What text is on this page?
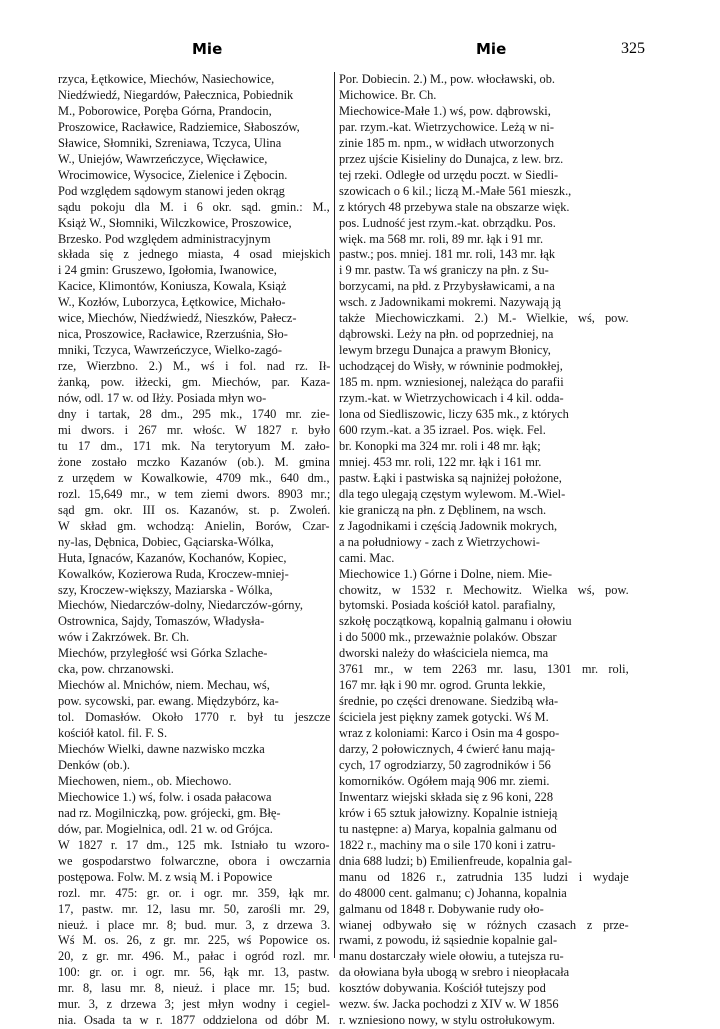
Mie	Mie	325
rzyca, Łętkowice, Miechów, Nasiechowice,
Niedźwiedź, Niegardów, Pałecznica, Pobiednik
M., Poborowice, Poręba Górna, Prandocin,
Proszowice, Racławice, Radziemice, Słaboszów,
Sławice, Słomniki, Szreniawa, Tczyca, Ulina
W., Uniejów, Wawrzeńczyce, Więcławice,
Wrocimowice, Wysocice, Zielenice i Zębocin.
Pod względem sądowym stanowi jeden okrąg
sądu pokoju dla M. i 6 okr. sąd. gmin.: M.,
Książ W., Słomniki, Wilczkowice, Proszowice,
Brzesko. Pod względem administracyjnym
składa się z jednego miasta, 4 osad miejskich
i 24 gmin: Gruszewo, Igołomia, Iwanowice,
Kacice, Klimontów, Koniusza, Kowala, Książ
W., Kozłów, Luborzyca, Łętkowice, Michało-
wice, Miechów, Niedźwiedź, Nieszków, Pałecz-
nica, Proszowice, Racławice, Rzerzuśnia, Sło-
mniki, Tczyca, Wawrzeńczyce, Wielko-zagó-
rze, Wierzbno. 2.) M., wś i fol. nad rz. Ił-
żanką, pow. iłżecki, gm. Miechów, par. Kaza-
nów, odl. 17 w. od Iłży. Posiada młyn wo-
dny i tartak, 28 dm., 295 mk., 1740 mr. zie-
mi dwors. i 267 mr. włośc. W 1827 r. było
tu 17 dm., 171 mk. Na terytoryum M. zało-
żone zostało mczko Kazanów (ob.). M. gmina
z urzędem w Kowalkowie, 4709 mk., 640 dm.,
rozl. 15,649 mr., w tem ziemi dwors. 8903 mr.;
sąd gm. okr. III os. Kazanów, st. p. Zwoleń.
W skład gm. wchodzą: Anielin, Borów, Czar-
ny-las, Dębnica, Dobiec, Gąciarska-Wólka,
Huta, Ignaców, Kazanów, Kochanów, Kopiec,
Kowalków, Kozierowa Ruda, Kroczew-mniej-
szy, Kroczew-większy, Maziarska - Wólka,
Miechów, Niedarczów-dolny, Niedarczów-górny,
Ostrownica, Sajdy, Tomaszów, Władysła-
wów i Zakrzówek. Br. Ch.
Miechów, przyległość wsi Górka Szlache-
cka, pow. chrzanowski.
Miechów al. Mnichów, niem. Mechau, wś,
pow. sycowski, par. ewang. Międzybórz, ka-
tol. Domasłów. Około 1770 r. był tu jeszcze
kościół katol. fil. F. S.
Miechów Wielki, dawne nazwisko mczka
Denków (ob.).
Miechowen, niem., ob. Miechowo.
Miechowice 1.) wś, folw. i osada pałacowa
nad rz. Mogilniczką, pow. grójecki, gm. Błę-
dów, par. Mogielnica, odl. 21 w. od Grójca.
W 1827 r. 17 dm., 125 mk. Istniało tu wzoro-
we gospodarstwo folwarczne, obora i owczarnia
postępowa. Folw. M. z wsią M. i Popowice
rozl. mr. 475: gr. or. i ogr. mr. 359, łąk mr.
17, pastw. mr. 12, lasu mr. 50, zarośli mr. 29,
nieuż. i place mr. 8; bud. mur. 3, z drzewa 3.
Wś M. os. 26, z gr. mr. 225, wś Popowice os.
20, z gr. mr. 496. M., pałac i ogród rozl. mr.
100: gr. or. i ogr. mr. 56, łąk mr. 13, pastw.
mr. 8, lasu mr. 8, nieuż. i place mr. 15; bud.
mur. 3, z drzewa 3; jest młyn wodny i cegiel-
nia. Osada ta w r. 1877 oddzielona od dóbr M.
Por. Dobiecin. 2.) M., pow. włocławski, ob.
Michowice. Br. Ch.
Miechowice-Małe 1.) wś, pow. dąbrowski,
par. rzym.-kat. Wietrzychowice. Leżą w ni-
zinie 185 m. npm., w widłach utworzonych
przez ujście Kisieliny do Dunajca, z lew. brz.
tej rzeki. Odległe od urzędu poczt. w Siedli-
szowicach o 6 kil.; liczą M.-Małe 561 mieszk.,
z których 48 przebywa stale na obszarze więk.
pos. Ludność jest rzym.-kat. obrządku. Pos.
więk. ma 568 mr. roli, 89 mr. łąk i 91 mr.
pastw.; pos. mniej. 181 mr. roli, 143 mr. łąk
i 9 mr. pastw. Ta wś graniczy na płn. z Su-
borzycami, na płd. z Przybysławicami, a na
wsch. z Jadownikami mokremi. Nazywają ją
także Miechowiczkami. 2.) M.- Wielkie, wś, pow.
dąbrowski. Leży na płn. od poprzedniej, na
lewym brzegu Dunajca a prawym Błonicy,
uchodzącej do Wisły, w równinie podmokłej,
185 m. npm. wzniesionej, należąca do parafii
rzym.-kat. w Wietrzychowicach i 4 kil. odda-
lona od Siedliszowic, liczy 635 mk., z których
600 rzym.-kat. a 35 izrael. Pos. więk. Fel.
br. Konopki ma 324 mr. roli i 48 mr. łąk;
mniej. 453 mr. roli, 122 mr. łąk i 161 mr.
pastw. Łąki i pastwiska są najniżej położone,
dla tego ulegają częstym wylewom. M.-Wiel-
kie graniczą na płn. z Dęblinem, na wsch.
z Jagodnikami i częścią Jadownik mokrych,
a na południowy - zach z Wietrzychowi-
cami. Mac.
Miechowice 1.) Górne i Dolne, niem. Mie-
chowitz, w 1532 r. Mechowitz. Wielka wś, pow.
bytomski. Posiada kościół katol. parafialny,
szkołę początkową, kopalnią galmanu i ołowiu
i do 5000 mk., przeważnie polaków. Obszar
dworski należy do właściciela niemca, ma
3761 mr., w tem 2263 mr. lasu, 1301 mr. roli,
167 mr. łąk i 90 mr. ogrod. Grunta lekkie,
średnie, po części drenowane. Siedzibą wła-
ściciela jest piękny zamek gotycki. Wś M.
wraz z koloniami: Karco i Osin ma 4 gospo-
darzy, 2 połowicznych, 4 ćwierć łanu mają-
cych, 17 ogrodziarzy, 50 zagrodników i 56
komorników. Ogółem mają 906 mr. ziemi.
Inwentarz wiejski składa się z 96 koni, 228
krów i 65 sztuk jałowizny. Kopalnie istnieją
tu następne: a) Marya, kopalnia galmanu od
1822 r., machiny ma o sile 170 koni i zatru-
dnia 688 ludzi; b) Emilienfreude, kopalnia gal-
manu od 1826 r., zatrudnia 135 ludzi i wydaje
do 48000 cent. galmanu; c) Johanna, kopalnia
galmanu od 1848 r. Dobywanie rudy oło-
wianej odbywało się w różnych czasach z prze-
rwami, z powodu, iż sąsiednie kopalnie gal-
manu dostarczały wiele ołowiu, a tutejsza ru-
da ołowiana była ubogą w srebro i nieopłacała
kosztów dobywania. Kościół tutejszy pod
wezw. św. Jacka pochodzi z XIV w. W 1856
r. wzniesiono nowy, w stylu ostrołukowym.
